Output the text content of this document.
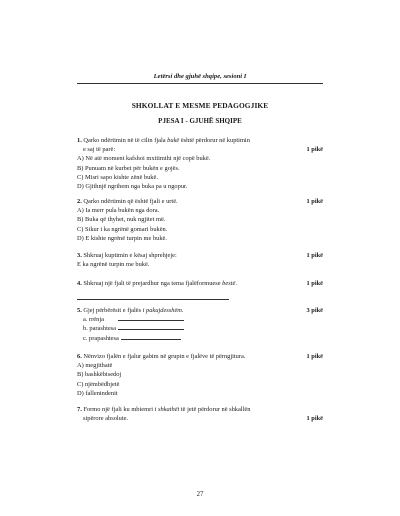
Letërsi dhe gjuhë shqipe, sesioni I
SHKOLLAT E MESME PEDAGOGJIKE
PJESA I - GJUHË SHQIPE
1. Qarko ndërtimin në të cilin fjala bukë është përdorur në kuptimin
e saj të parë:	1 pikë
A) Në atë moment kafshoi mxitimthi një copë bukë.
B) Punuam në kurbet për bukën e gojës.
C) Misri sapo kishte zënë bukë.
D) Gjithnjë ngrihem nga buka pa u ngopur.
2. Qarko ndërtimin që është fjali e urtë.	1 pikë
A) Ia merr pula bukën nga dora.
B) Buka që thyhet, nuk ngjitet më.
C) Sikur i ka ngrënë gomari bukën.
D) E kishte ngrënë turpin me bukë.
3. Shkruaj kuptimin e kësaj shprehjeje:	1 pikë
E ka ngrënë turpin me bukë.
4. Shkruaj një fjali të prejardhur nga tema fjalëformuese bestë.	1 pikë
5. Gjej përbërësit e fjalës i pakujdesshëm.	3 pikë
a. rrënja
b. parashtesa
c. prapashtesa
6. Nënvizo fjalën e fjalur gabim në grupin e fjalëve të përngjitura.	1 pikë
A) megjithatë
B) bashkëbisedoj
C) njëmbëdhjetë
D) fallenindenit
7. Formo një fjali ku mbiemri i shkathët të jetë përdorur në shkallën
sipërore absolute.	1 pikë
27
